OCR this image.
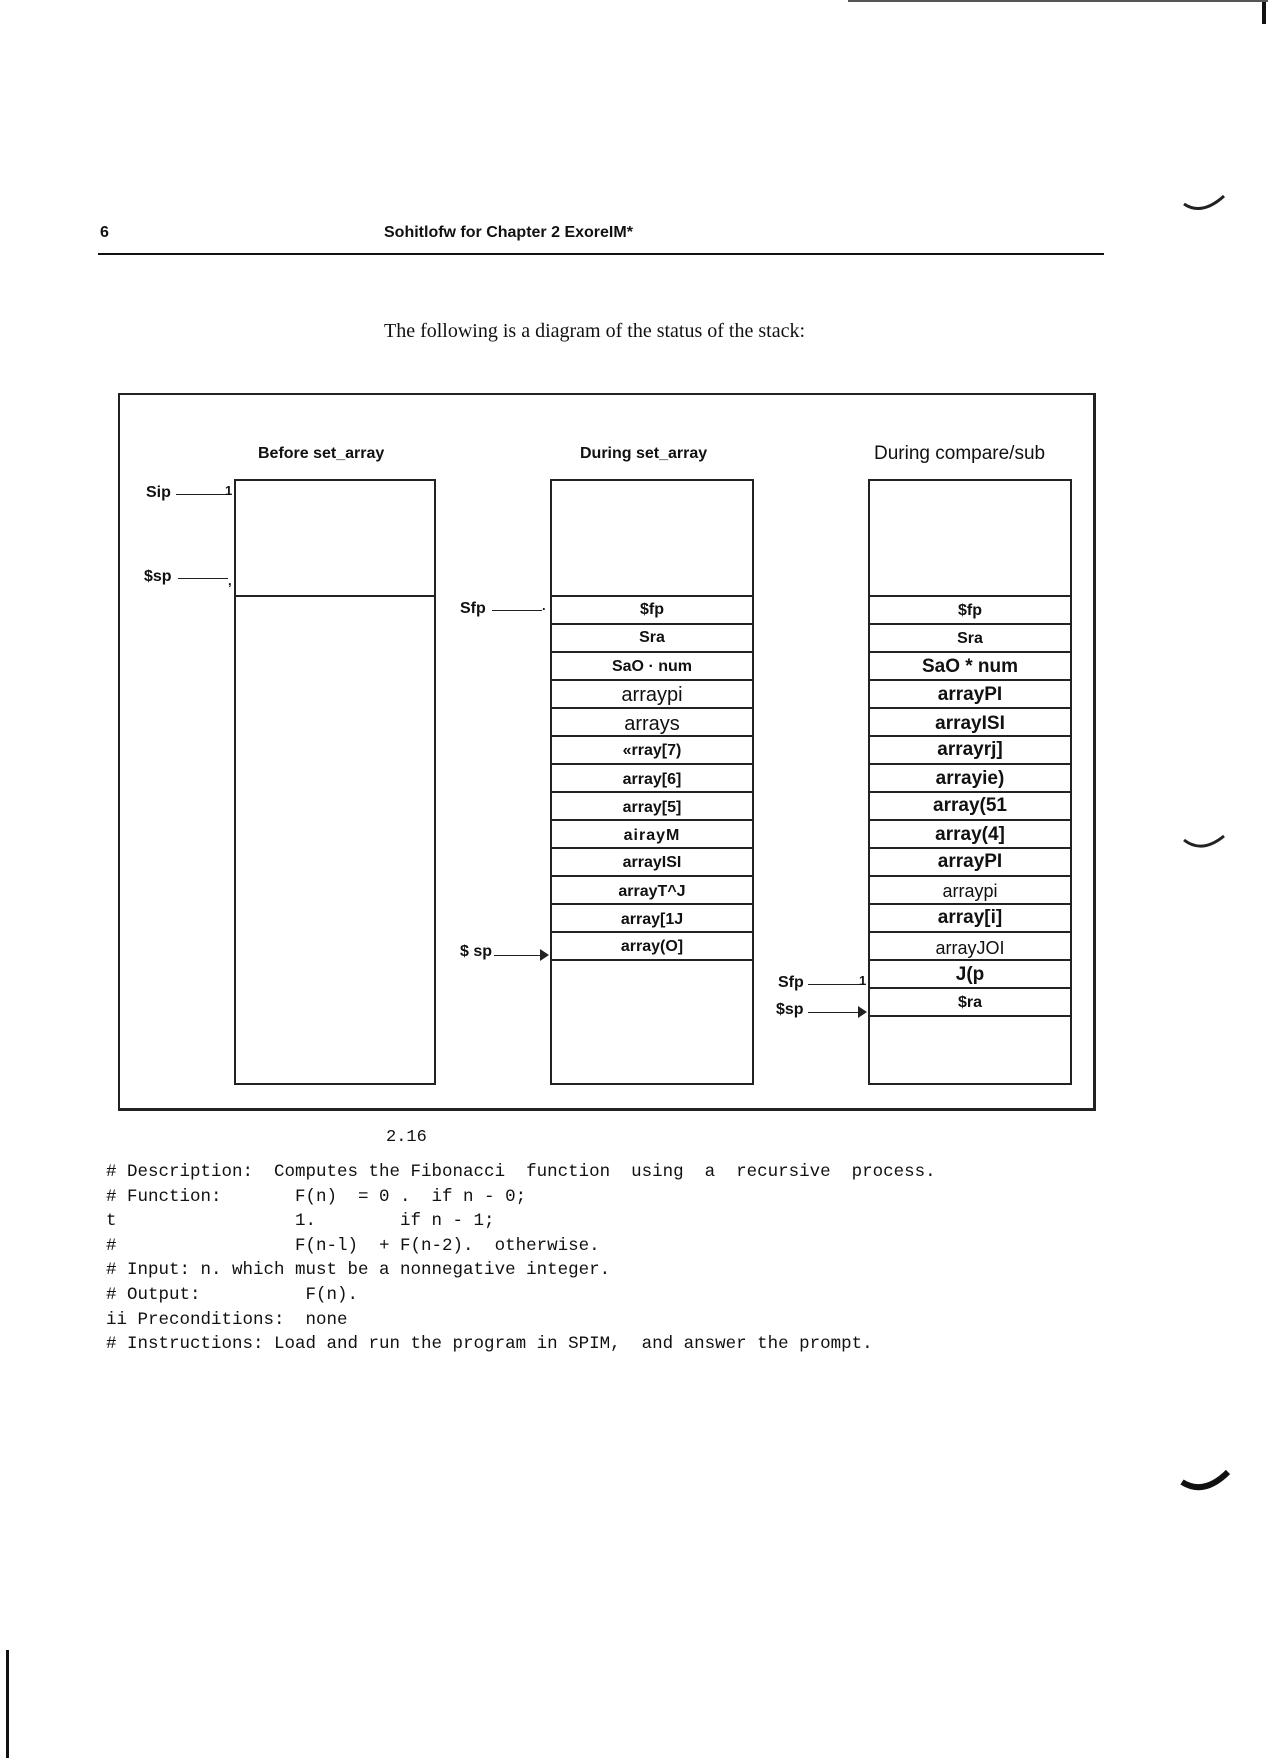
6	Sohitlofw for Chapter 2 ExoreIM*
The following is a diagram of the status of the stack:
Before set_array	During set_array	During compare/sub
Sip	1
$sp	,
$fp
Sra
SaO · num
arraypi
arrays
«rray[7)
array[6]
array[5]
airayM
arrayISI
arrayT^J
array[1J
array(O]
Sfp	.
$ sp
$fp
Sra
SaO * num
arrayPI
arrayISI
arrayrj]
arrayie)
array(51
array(4]
arrayPI
arraypi
array[i]
arrayJOI
J(p
$ra
Sfp	1
$sp
2.16
# Description:  Computes the Fibonacci  function  using  a  recursive  process.
# Function:       F(n)  = 0 .  if n - 0;
t                 1.        if n - 1;
#                 F(n-l)  + F(n-2).  otherwise.
# Input: n. which must be a nonnegative integer.
# Output:          F(n).
ii Preconditions:  none
# Instructions: Load and run the program in SPIM,  and answer the prompt.
